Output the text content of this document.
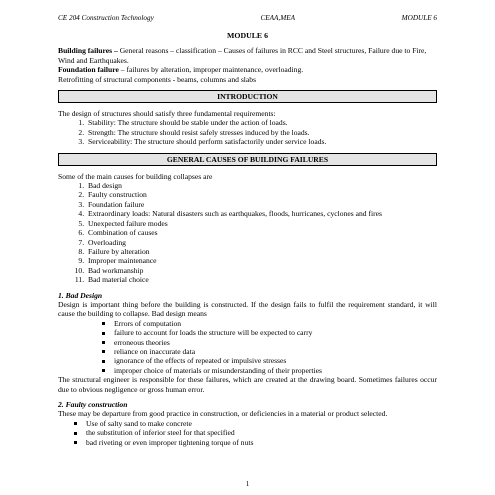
CE 204 Construction Technology	CEAA,MEA	MODULE 6
MODULE 6

Building failures – General reasons – classification – Causes of failures in RCC and Steel structures, Failure due to Fire, Wind and Earthquakes.

Foundation failure – failures by alteration, improper maintenance, overloading.

Retrofitting of structural components - beams, columns and slabs

INTRODUCTION

The design of structures should satisfy three fundamental requirements:

1. Stability: The structure should be stable under the action of loads.
2. Strength: The structure should resist safely stresses induced by the loads.
3. Serviceability: The structure should perform satisfactorily under service loads.
GENERAL CAUSES OF BUILDING FAILURES

Some of the main causes for building collapses are

1. Bad design
2. Faulty construction
3. Foundation failure
4. Extraordinary loads: Natural disasters such as earthquakes, floods, hurricanes, cyclones and fires
5. Unexpected failure modes
6. Combination of causes
7. Overloading
8. Failure by alteration
9. Improper maintenance
10. Bad workmanship
11. Bad material choice
1. Bad Design

Design is important thing before the building is constructed. If the design fails to fulfil the requirement standard, it will cause the building to collapse. Bad design means

Errors of computation
failure to account for loads the structure will be expected to carry
erroneous theories
reliance on inaccurate data
ignorance of the effects of repeated or impulsive stresses
improper choice of materials or misunderstanding of their properties

The structural engineer is responsible for these failures, which are created at the drawing board. Sometimes failures occur due to obvious negligence or gross human error.

2. Faulty construction

These may be departure from good practice in construction, or deficiencies in a material or product selected.

Use of salty sand to make concrete
the substitution of inferior steel for that specified
bad riveting or even improper tightening torque of nuts
1
